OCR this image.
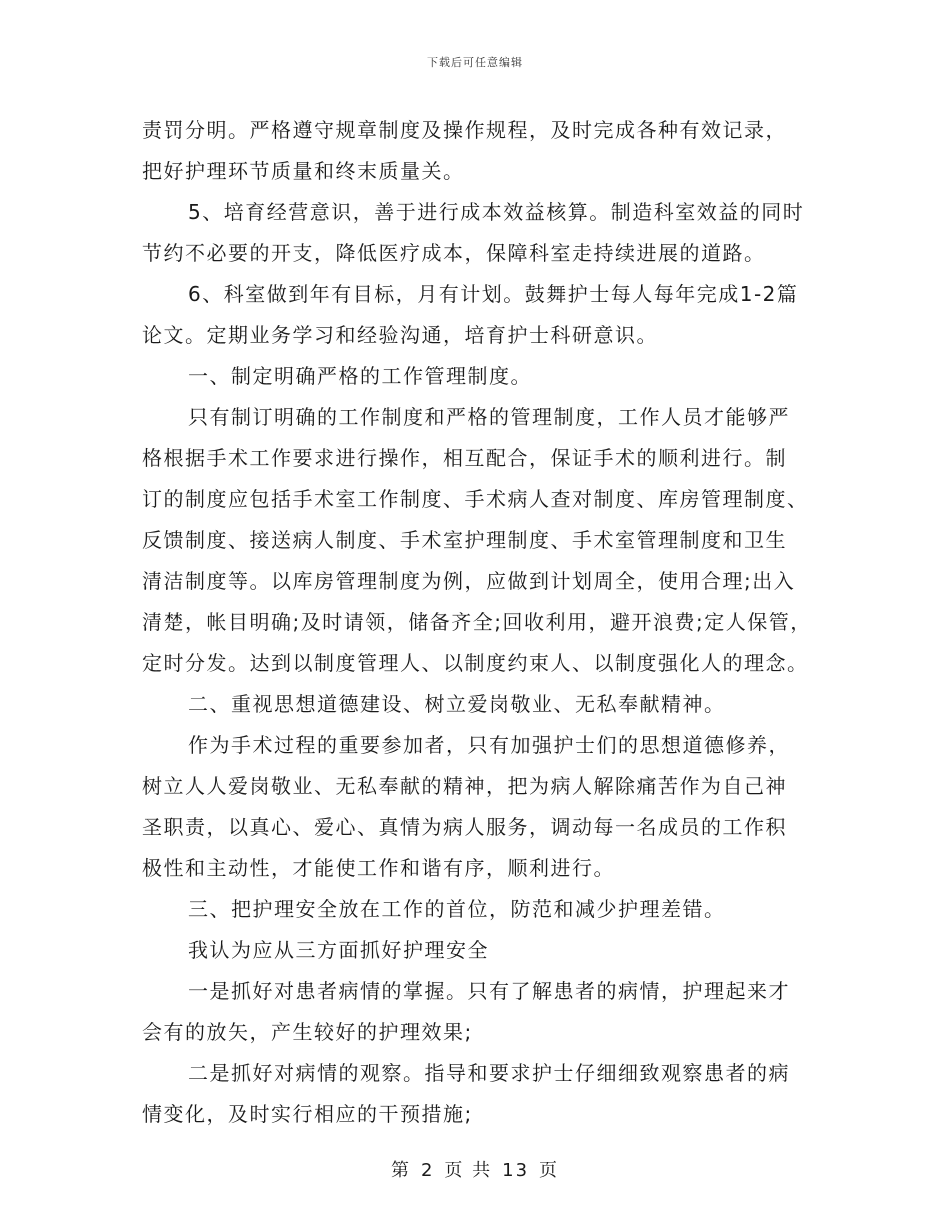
下载后可任意编辑
责罚分明。严格遵守规章制度及操作规程，及时完成各种有效记录，
把好护理环节质量和终末质量关。
5、培育经营意识，善于进行成本效益核算。制造科室效益的同时
节约不必要的开支，降低医疗成本，保障科室走持续进展的道路。
6、科室做到年有目标，月有计划。鼓舞护士每人每年完成1-2篇
论文。定期业务学习和经验沟通，培育护士科研意识。
一、制定明确严格的工作管理制度。
只有制订明确的工作制度和严格的管理制度，工作人员才能够严
格根据手术工作要求进行操作，相互配合，保证手术的顺利进行。制
订的制度应包括手术室工作制度、手术病人查对制度、库房管理制度、
反馈制度、接送病人制度、手术室护理制度、手术室管理制度和卫生
清洁制度等。以库房管理制度为例，应做到计划周全，使用合理;出入
清楚，帐目明确;及时请领，储备齐全;回收利用，避开浪费;定人保管，
定时分发。达到以制度管理人、以制度约束人、以制度强化人的理念。
二、重视思想道德建设、树立爱岗敬业、无私奉献精神。
作为手术过程的重要参加者，只有加强护士们的思想道德修养，
树立人人爱岗敬业、无私奉献的精神，把为病人解除痛苦作为自己神
圣职责，以真心、爱心、真情为病人服务，调动每一名成员的工作积
极性和主动性，才能使工作和谐有序，顺利进行。
三、把护理安全放在工作的首位，防范和减少护理差错。
我认为应从三方面抓好护理安全
一是抓好对患者病情的掌握。只有了解患者的病情，护理起来才
会有的放矢，产生较好的护理效果;
二是抓好对病情的观察。指导和要求护士仔细细致观察患者的病
情变化，及时实行相应的干预措施;
第 2 页 共 13 页
